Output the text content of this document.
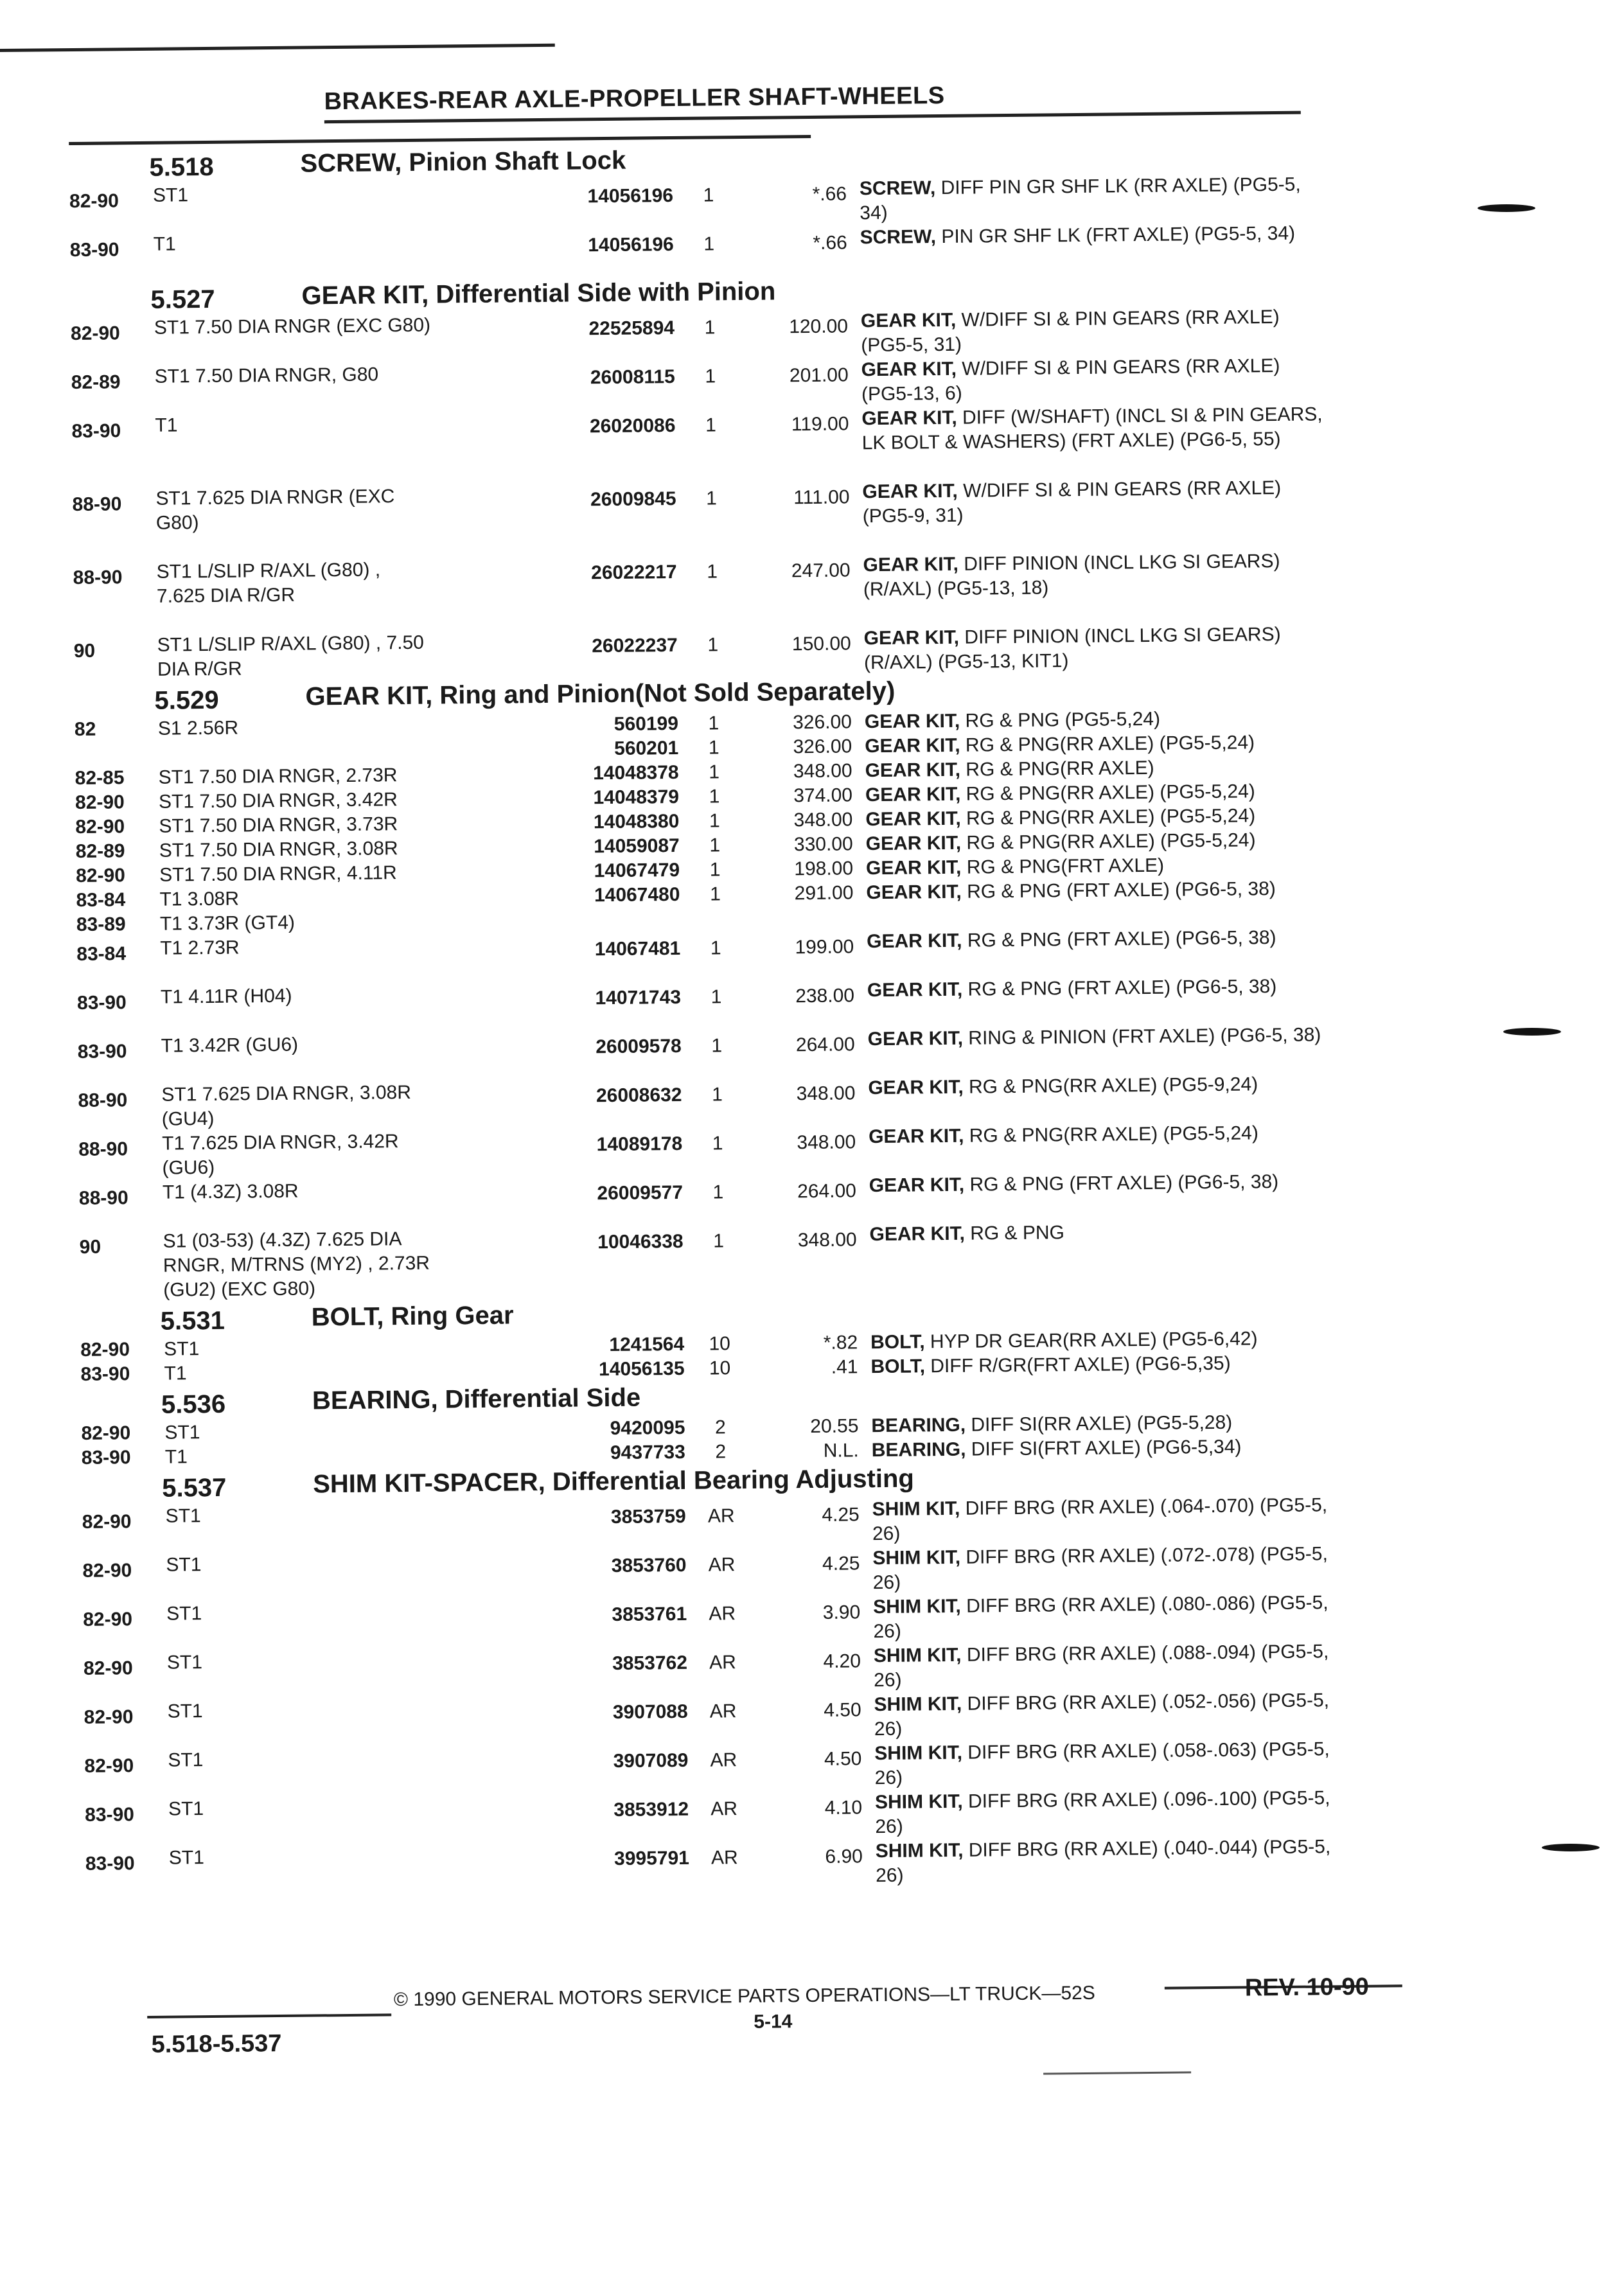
BRAKES-REAR AXLE-PROPELLER SHAFT-WHEELS
5.518	SCREW, Pinion Shaft Lock
82-90	ST1	14056196	1	*.66 SCREW, DIFF PIN GR SHF LK (RR AXLE) (PG5-5, 34)
83-90	T1	14056196	1	*.66 SCREW, PIN GR SHF LK (FRT AXLE) (PG5-5, 34)
5.527	GEAR KIT, Differential Side with Pinion
82-90	ST1 7.50 DIA RNGR (EXC G80)	22525894	1	120.00 GEAR KIT, W/DIFF SI & PIN GEARS (RR AXLE) (PG5-5, 31)
82-89	ST1 7.50 DIA RNGR, G80	26008115	1	201.00 GEAR KIT, W/DIFF SI & PIN GEARS (RR AXLE) (PG5-13, 6)
83-90	T1	26020086	1	119.00 GEAR KIT, DIFF (W/SHAFT) (INCL SI & PIN GEARS, LK BOLT & WASHERS) (FRT AXLE) (PG6-5, 55)
88-90	ST1 7.625 DIA RNGR (EXC
G80)
26009845	1	111.00 GEAR KIT, W/DIFF SI & PIN GEARS (RR AXLE) (PG5-9, 31)
88-90	ST1 L/SLIP R/AXL (G80) ,
7.625 DIA R/GR
26022217	1	247.00 GEAR KIT, DIFF PINION (INCL LKG SI GEARS) (R/AXL) (PG5-13, 18)
90	ST1 L/SLIP R/AXL (G80) , 7.50
DIA R/GR
26022237	1	150.00 GEAR KIT, DIFF PINION (INCL LKG SI GEARS) (R/AXL) (PG5-13, KIT1)
5.529	GEAR KIT, Ring and Pinion(Not Sold Separately)
82	S1 2.56R	560199	1	326.00 GEAR KIT, RG & PNG (PG5-5,24)
560201	1	326.00 GEAR KIT, RG & PNG(RR AXLE) (PG5-5,24)
82-85	ST1 7.50 DIA RNGR, 2.73R	14048378	1	348.00 GEAR KIT, RG & PNG(RR AXLE)
82-90	ST1 7.50 DIA RNGR, 3.42R	14048379	1	374.00 GEAR KIT, RG & PNG(RR AXLE) (PG5-5,24)
82-90	ST1 7.50 DIA RNGR, 3.73R	14048380	1	348.00 GEAR KIT, RG & PNG(RR AXLE) (PG5-5,24)
82-89	ST1 7.50 DIA RNGR, 3.08R	14059087	1	330.00 GEAR KIT, RG & PNG(RR AXLE) (PG5-5,24)
82-90	ST1 7.50 DIA RNGR, 4.11R	14067479	1	198.00 GEAR KIT, RG & PNG(FRT AXLE)
83-84	T1 3.08R	14067480	1	291.00 GEAR KIT, RG & PNG (FRT AXLE) (PG6-5, 38)
83-89	T1 3.73R (GT4)
83-84	T1 2.73R	14067481	1	199.00 GEAR KIT, RG & PNG (FRT AXLE) (PG6-5, 38)
83-90	T1 4.11R (H04)	14071743	1	238.00 GEAR KIT, RG & PNG (FRT AXLE) (PG6-5, 38)
83-90	T1 3.42R (GU6)	26009578	1	264.00 GEAR KIT, RING & PINION (FRT AXLE) (PG6-5, 38)
88-90	ST1 7.625 DIA RNGR, 3.08R
(GU4)
26008632	1	348.00 GEAR KIT, RG & PNG(RR AXLE) (PG5-9,24)
88-90	T1 7.625 DIA RNGR, 3.42R
(GU6)
14089178	1	348.00 GEAR KIT, RG & PNG(RR AXLE) (PG5-5,24)
88-90	T1 (4.3Z) 3.08R	26009577	1	264.00 GEAR KIT, RG & PNG (FRT AXLE) (PG6-5, 38)
90	S1 (03-53) (4.3Z) 7.625 DIA
RNGR, M/TRNS (MY2) , 2.73R
(GU2) (EXC G80)
10046338	1	348.00 GEAR KIT, RG & PNG
5.531	BOLT, Ring Gear
82-90	ST1	1241564	10	*.82 BOLT, HYP DR GEAR(RR AXLE) (PG5-6,42)
83-90	T1	14056135	10	.41 BOLT, DIFF R/GR(FRT AXLE) (PG6-5,35)
5.536	BEARING, Differential Side
82-90	ST1	9420095	2	20.55 BEARING, DIFF SI(RR AXLE) (PG5-5,28)
83-90	T1	9437733	2	N.L. BEARING, DIFF SI(FRT AXLE) (PG6-5,34)
5.537	SHIM KIT-SPACER, Differential Bearing Adjusting
82-90	ST1	3853759	AR	4.25 SHIM KIT, DIFF BRG (RR AXLE) (.064-.070) (PG5-5, 26)
82-90	ST1	3853760	AR	4.25 SHIM KIT, DIFF BRG (RR AXLE) (.072-.078) (PG5-5, 26)
82-90	ST1	3853761	AR	3.90 SHIM KIT, DIFF BRG (RR AXLE) (.080-.086) (PG5-5, 26)
82-90	ST1	3853762	AR	4.20 SHIM KIT, DIFF BRG (RR AXLE) (.088-.094) (PG5-5, 26)
82-90	ST1	3907088	AR	4.50 SHIM KIT, DIFF BRG (RR AXLE) (.052-.056) (PG5-5, 26)
82-90	ST1	3907089	AR	4.50 SHIM KIT, DIFF BRG (RR AXLE) (.058-.063) (PG5-5, 26)
83-90	ST1	3853912	AR	4.10 SHIM KIT, DIFF BRG (RR AXLE) (.096-.100) (PG5-5, 26)
83-90	ST1	3995791	AR	6.90 SHIM KIT, DIFF BRG (RR AXLE) (.040-.044) (PG5-5, 26)
© 1990 GENERAL MOTORS SERVICE PARTS OPERATIONS—LT TRUCK—52S	REV. 10-90
5-14
5.518-5.537
